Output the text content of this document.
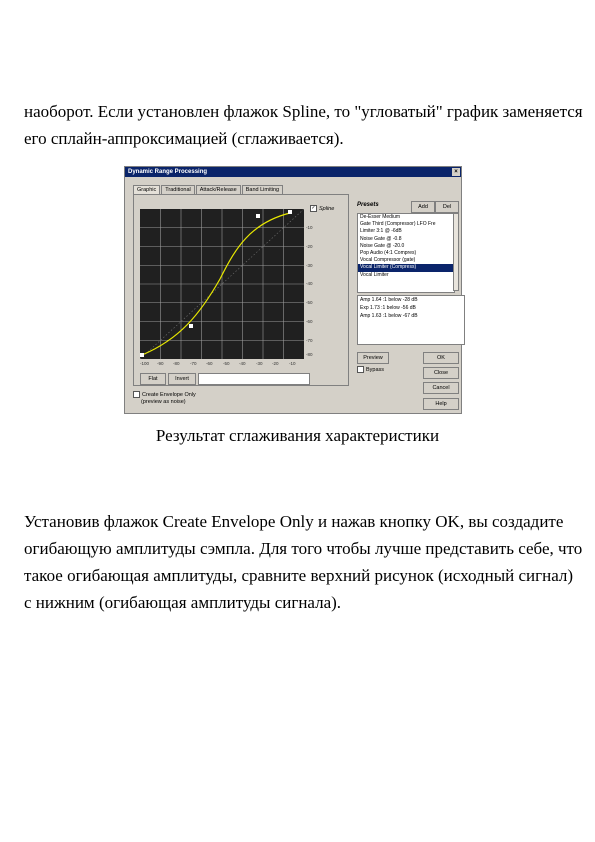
наоборот. Если установлен флажок Spline, то "угловатый" график заменяется его сплайн-аппроксимацией (сглаживается).
Dynamic Range Processing	×
Graphic	Traditional	Attack/Release	Band Limiting
-10
-20
-30
-40
-50
-60
-70
-80
-100 -90 -80 -70 -60 -50 -40 -30 -20 -10
✓ Spline
Flat	Invert
Presets	Add	Del
De-Esser Medium
Gate Third (Compressor) LFO Fre
Limiter 3:1 @ -6dB
Noise Gate @ -0.8
Noise Gate @ -20.0
Pop Audio (4:1 Compres)
Vocal Compressor (gate)
Vocal Limiter (Compress)
Vocal Limiter
Amp 1.64 :1 below -28 dB
Exp 1.73 :1 below -56 dB
Amp 1.63 :1 below -67 dB
Preview
Bypass
OK
Close
Cancel
Help
Create Envelope Only
(preview as noise)
Результат сглаживания характеристики
Установив флажок Create Envelope Only и нажав кнопку OK, вы создадите огибающую амплитуды сэмпла. Для того чтобы лучше представить себе, что такое огибающая амплитуды, сравните верхний рисунок (исходный сигнал) с нижним (огибающая амплитуды сигнала).
